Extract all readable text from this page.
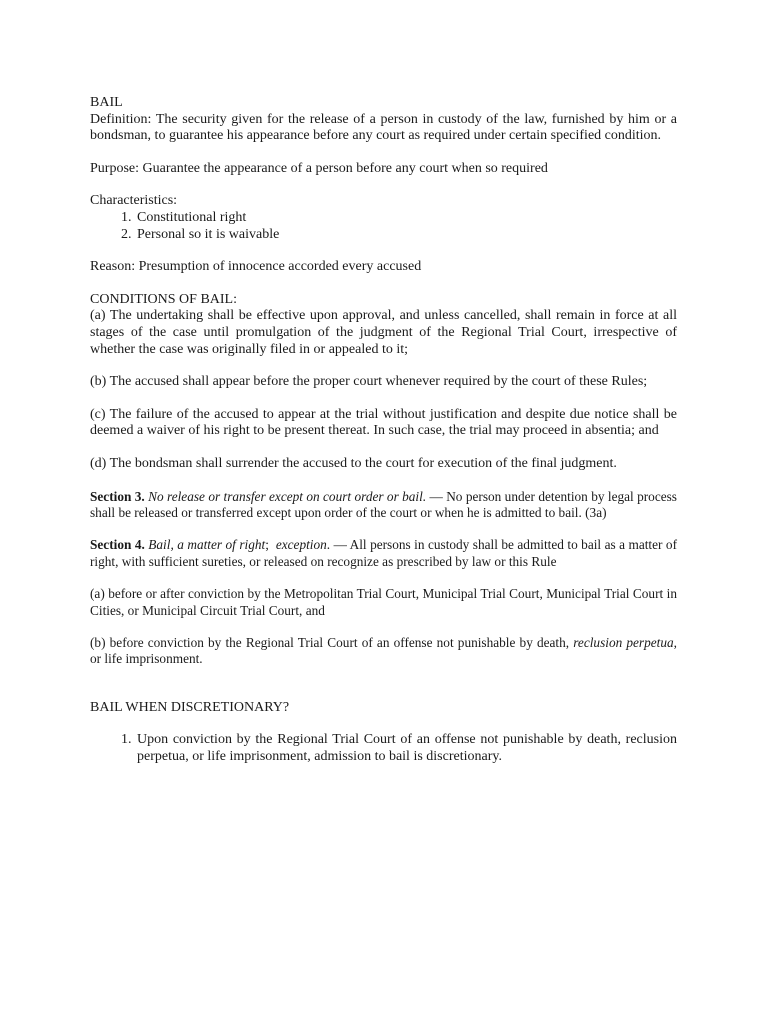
BAIL

Definition: The security given for the release of a person in custody of the law, furnished by him or a bondsman, to guarantee his appearance before any court as required under certain specified condition.

Purpose: Guarantee the appearance of a person before any court when so required

Characteristics:

1. Constitutional right
2. Personal so it is waivable

Reason: Presumption of innocence accorded every accused

CONDITIONS OF BAIL:

(a) The undertaking shall be effective upon approval, and unless cancelled, shall remain in force at all stages of the case until promulgation of the judgment of the Regional Trial Court, irrespective of whether the case was originally filed in or appealed to it;

(b) The accused shall appear before the proper court whenever required by the court of these Rules;

(c) The failure of the accused to appear at the trial without justification and despite due notice shall be deemed a waiver of his right to be present thereat. In such case, the trial may proceed in absentia; and

(d) The bondsman shall surrender the accused to the court for execution of the final judgment.

Section 3. No release or transfer except on court order or bail. — No person under detention by legal process shall be released or transferred except upon order of the court or when he is admitted to bail. (3a)

Section 4. Bail, a matter of right; exception. — All persons in custody shall be admitted to bail as a matter of right, with sufficient sureties, or released on recognize as prescribed by law or this Rule

(a) before or after conviction by the Metropolitan Trial Court, Municipal Trial Court, Municipal Trial Court in Cities, or Municipal Circuit Trial Court, and

(b) before conviction by the Regional Trial Court of an offense not punishable by death, reclusion perpetua, or life imprisonment.

BAIL WHEN DISCRETIONARY?

1. Upon conviction by the Regional Trial Court of an offense not punishable by death, reclusion perpetua, or life imprisonment, admission to bail is discretionary.
